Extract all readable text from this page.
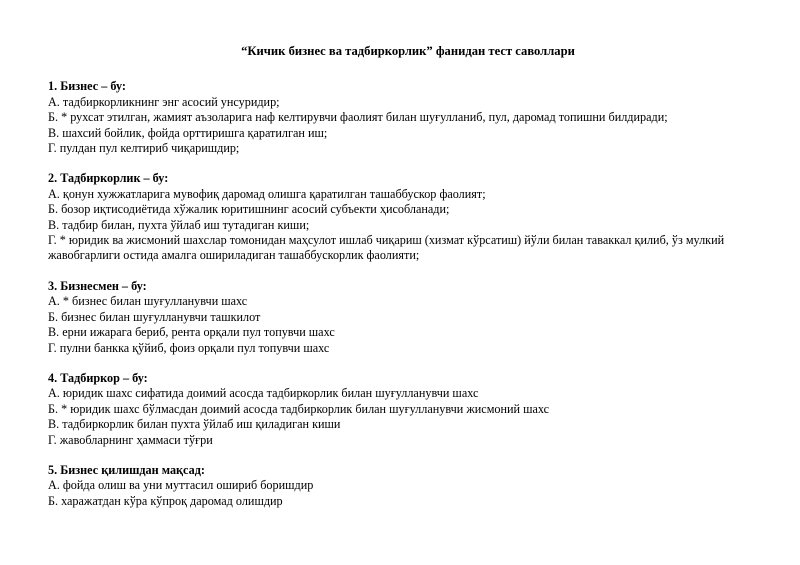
“Кичик бизнес ва тадбиркорлик” фанидан тест саволлари
1. Бизнес – бу:
А. тадбиркорликнинг энг асосий унсуридир;
Б. * рухсат этилган, жамият аъзоларига наф келтирувчи фаолият билан шуғулланиб, пул, даромад топишни билдиради;
В. шахсий бойлик, фойда орттиришга қаратилган иш;
Г. пулдан пул келтириб чиқаришдир;
2. Тадбиркорлик – бу:
А. қонун хужжатларига мувофиқ даромад олишга қаратилган ташаббускор фаолият;
Б. бозор иқтисодиётида хўжалик юритишнинг асосий субъекти ҳисобланади;
В. тадбир билан, пухта ўйлаб иш тутадиган киши;
Г. * юридик ва жисмоний шахслар томонидан маҳсулот ишлаб чиқариш (хизмат кўрсатиш) йўли билан таваккал қилиб, ўз мулкий жавобгарлиги остида амалга ошириладиган ташаббускорлик фаолияти;
3. Бизнесмен – бу:
А. * бизнес билан шуғулланувчи шахс
Б. бизнес билан шуғулланувчи ташкилот
В. ерни ижарага бериб, рента орқали пул топувчи шахс
Г. пулни банкка қўйиб, фоиз орқали пул топувчи шахс
4. Тадбиркор – бу:
А. юридик шахс сифатида доимий асосда тадбиркорлик билан шуғулланувчи шахс
Б. * юридик шахс бўлмасдан доимий асосда тадбиркорлик билан шуғулланувчи жисмоний шахс
В. тадбиркорлик билан пухта ўйлаб иш қиладиган киши
Г. жавобларнинг ҳаммаси тўғри
5. Бизнес қилишдан мақсад:
А. фойда олиш ва уни муттасил ошириб боришдир
Б. харажатдан кўра кўпроқ даромад олишдир
